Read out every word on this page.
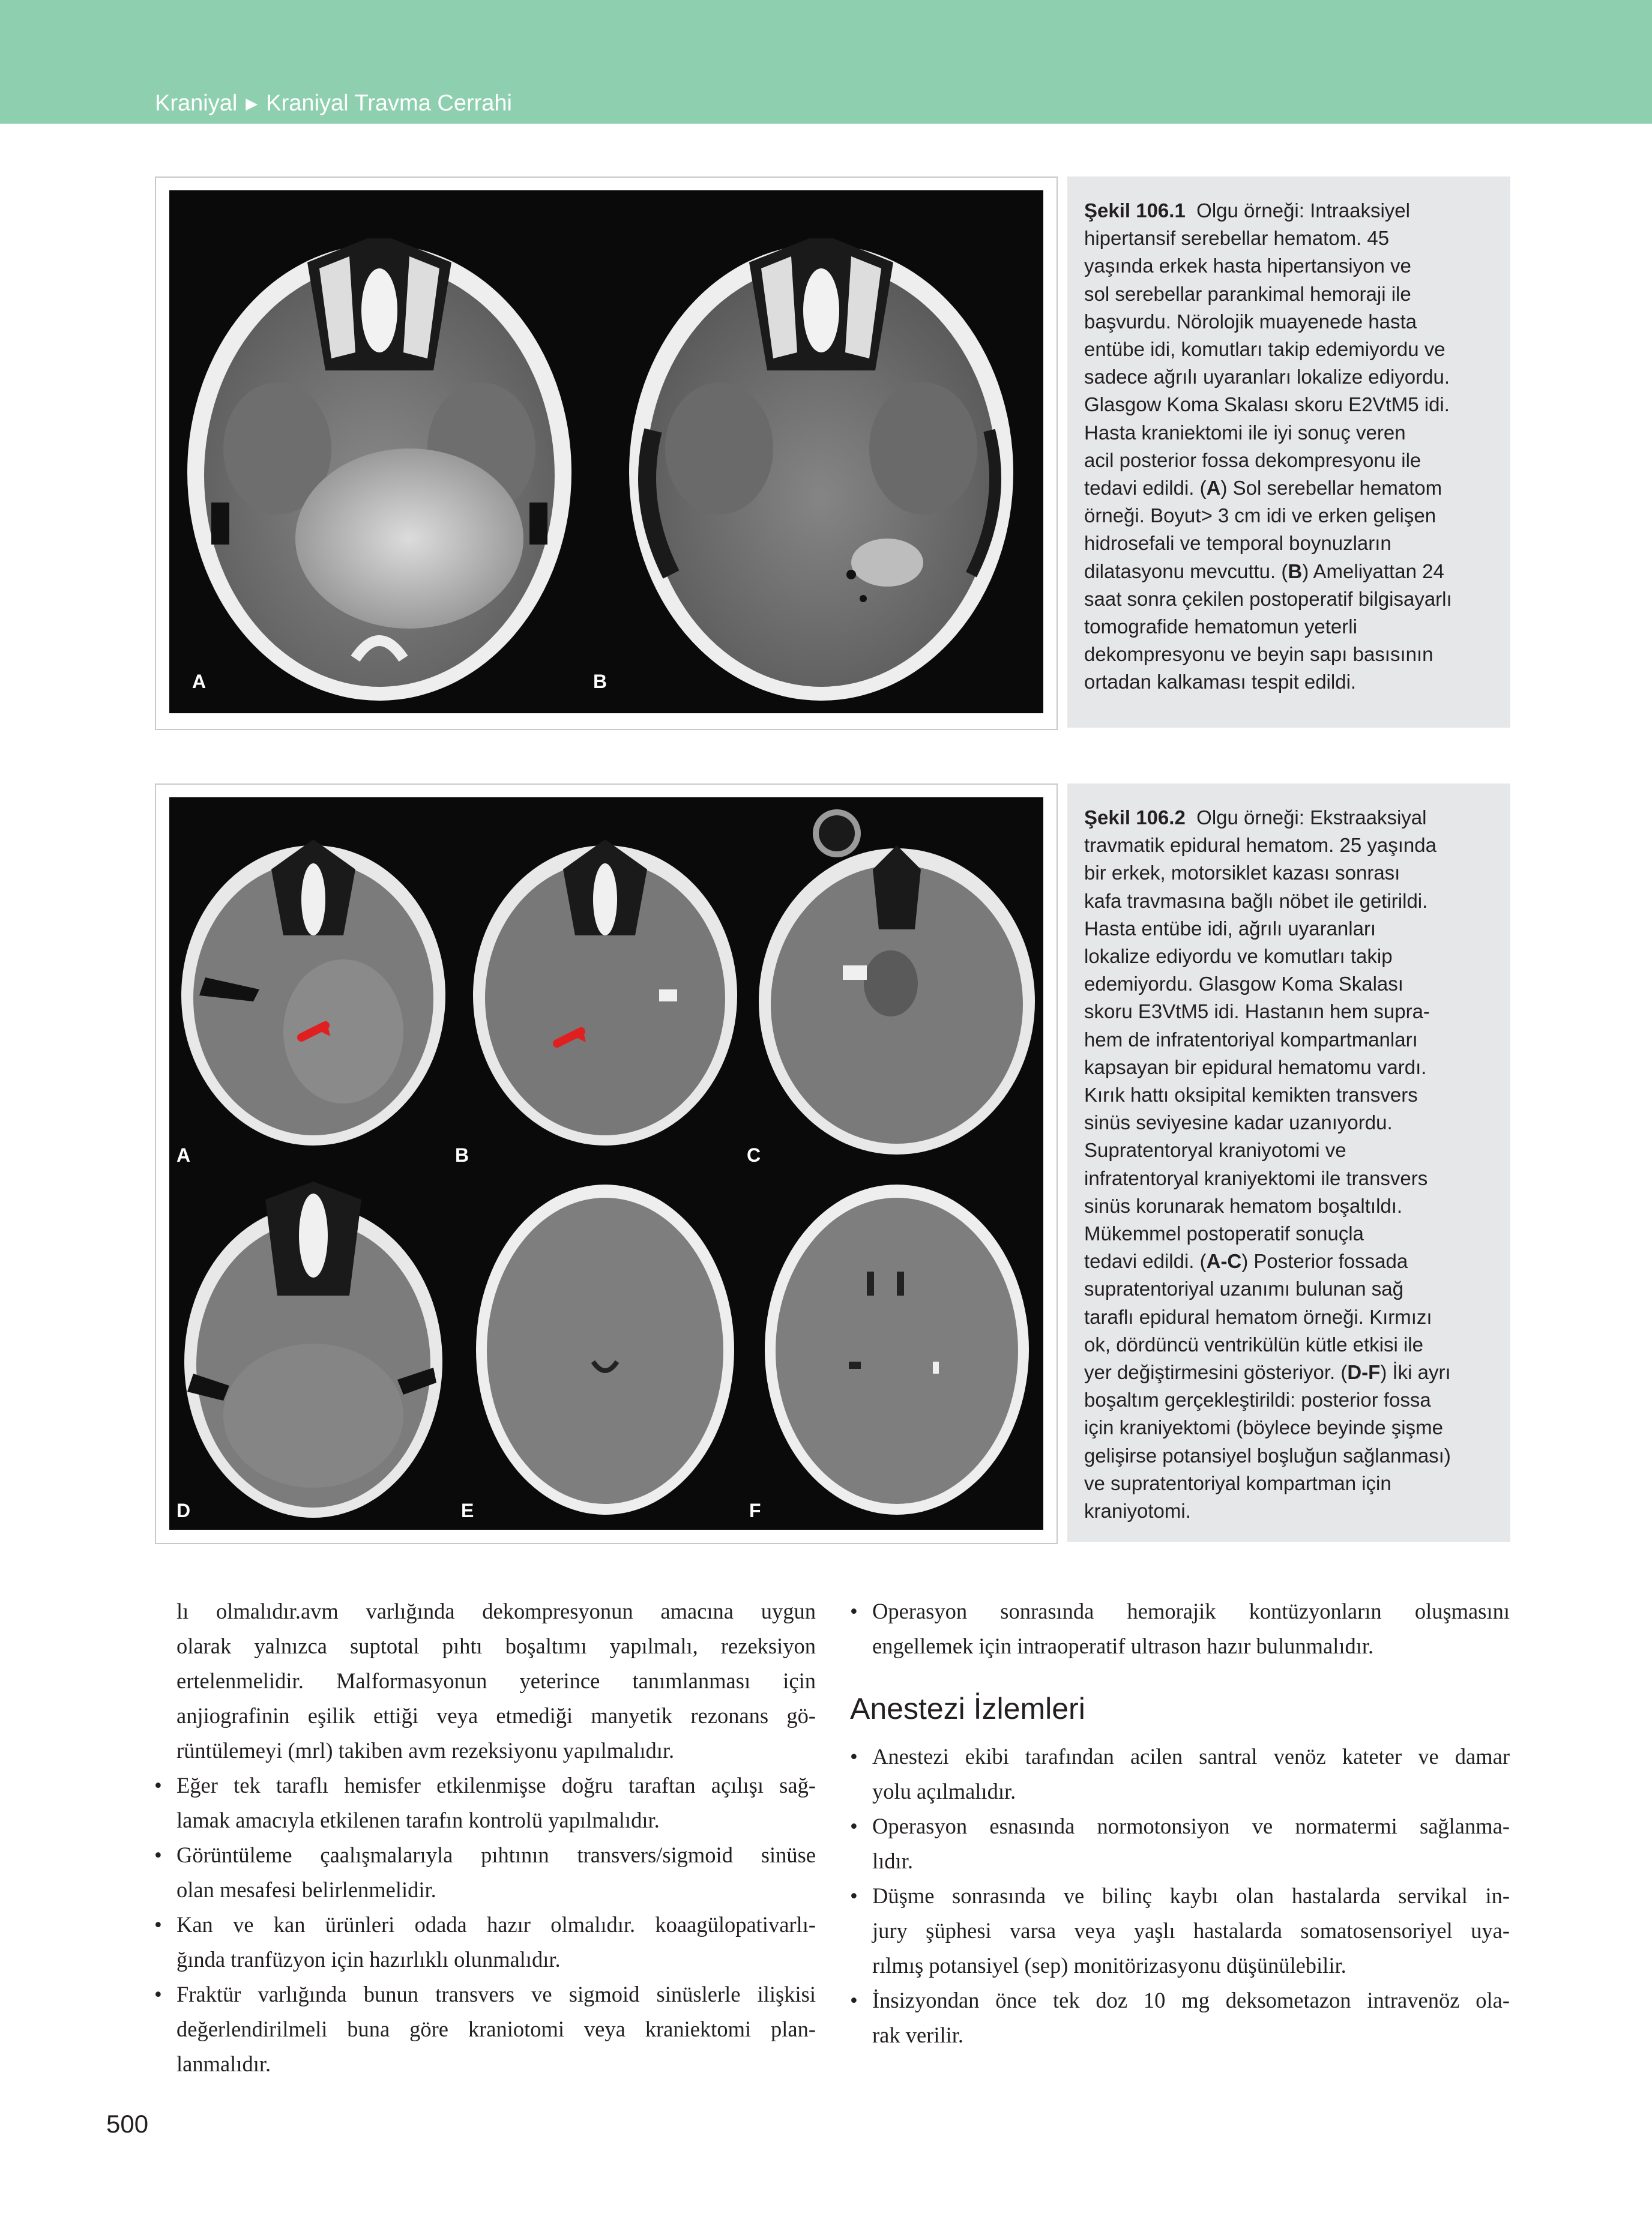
Kraniyal ▶ Kraniyal Travma Cerrahi
A	B
Şekil 106.1  Olgu örneği: Intraaksiyel
hipertansif serebellar hematom. 45
yaşında erkek hasta hipertansiyon ve
sol serebellar parankimal hemoraji ile
başvurdu. Nörolojik muayenede hasta
entübe idi, komutları takip edemiyordu ve
sadece ağrılı uyaranları lokalize ediyordu.
Glasgow Koma Skalası skoru E2VtM5 idi.
Hasta kraniektomi ile iyi sonuç veren
acil posterior fossa dekompresyonu ile
tedavi edildi. (A) Sol serebellar hematom
örneği. Boyut> 3 cm idi ve erken gelişen
hidrosefali ve temporal boynuzların
dilatasyonu mevcuttu. (B) Ameliyattan 24
saat sonra çekilen postoperatif bilgisayarlı
tomografide hematomun yeterli
dekompresyonu ve beyin sapı basısının
ortadan kalkaması tespit edildi.
A	B	C
D	E	F
Şekil 106.2  Olgu örneği: Ekstraaksiyal
travmatik epidural hematom. 25 yaşında
bir erkek, motorsiklet kazası sonrası
kafa travmasına bağlı nöbet ile getirildi.
Hasta entübe idi, ağrılı uyaranları
lokalize ediyordu ve komutları takip
edemiyordu. Glasgow Koma Skalası
skoru E3VtM5 idi. Hastanın hem supra-
hem de infratentoriyal kompartmanları
kapsayan bir epidural hematomu vardı.
Kırık hattı oksipital kemikten transvers
sinüs seviyesine kadar uzanıyordu.
Supratentoryal kraniyotomi ve
infratentoryal kraniyektomi ile transvers
sinüs korunarak hematom boşaltıldı.
Mükemmel postoperatif sonuçla
tedavi edildi. (A-C) Posterior fossada
supratentoriyal uzanımı bulunan sağ
taraflı epidural hematom örneği. Kırmızı
ok, dördüncü ventrikülün kütle etkisi ile
yer değiştirmesini gösteriyor. (D-F) İki ayrı
boşaltım gerçekleştirildi: posterior fossa
için kraniyektomi (böylece beyinde şişme
gelişirse potansiyel boşluğun sağlanması)
ve supratentoriyal kompartman için
kraniyotomi.
lı olmalıdır.avm varlığında dekompresyonun amacına uygun
olarak yalnızca suptotal pıhtı boşaltımı yapılmalı, rezeksiyon
ertelenmelidir. Malformasyonun yeterince tanımlanması için
anjiografinin eşilik ettiği veya etmediği manyetik rezonans gö-
rüntülemeyi (mrl) takiben avm rezeksiyonu yapılmalıdır.
• Eğer tek taraflı hemisfer etkilenmişse doğru taraftan açılışı sağ-
lamak amacıyla etkilenen tarafın kontrolü yapılmalıdır.
• Görüntüleme çaalışmalarıyla pıhtının transvers/sigmoid sinüse
olan mesafesi belirlenmelidir.
• Kan ve kan ürünleri odada hazır olmalıdır. koaagülopativarlı-
ğında tranfüzyon için hazırlıklı olunmalıdır.
• Fraktür varlığında bunun transvers ve sigmoid sinüslerle ilişkisi
değerlendirilmeli buna göre kraniotomi veya kraniektomi plan-
lanmalıdır.
• Operasyon sonrasında hemorajik kontüzyonların oluşmasını
engellemek için intraoperatif ultrason hazır bulunmalıdır.
Anestezi İzlemleri
• Anestezi ekibi tarafından acilen santral venöz kateter ve damar
yolu açılmalıdır.
• Operasyon esnasında normotonsiyon ve normatermi sağlanma-
lıdır.
• Düşme sonrasında ve bilinç kaybı olan hastalarda servikal in-
jury şüphesi varsa veya yaşlı hastalarda somatosensoriyel uya-
rılmış potansiyel (sep) monitörizasyonu düşünülebilir.
• İnsizyondan önce tek doz 10 mg deksometazon intravenöz ola-
rak verilir.
500
